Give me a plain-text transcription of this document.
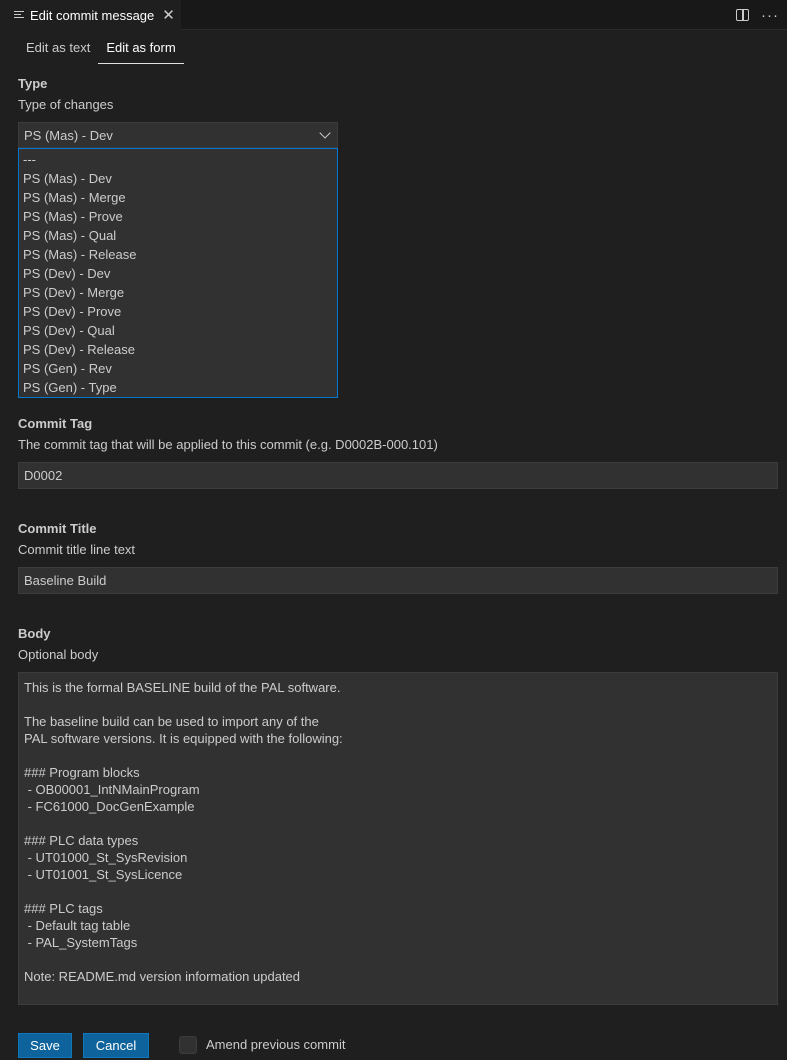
Edit commit message ✕	···
Edit as text	Edit as form
Type
Type of changes
PS (Mas) - Dev
---
PS (Mas) - Dev
PS (Mas) - Merge
PS (Mas) - Prove
PS (Mas) - Qual
PS (Mas) - Release
PS (Dev) - Dev
PS (Dev) - Merge
PS (Dev) - Prove
PS (Dev) - Qual
PS (Dev) - Release
PS (Gen) - Rev
PS (Gen) - Type
Commit Tag
The commit tag that will be applied to this commit (e.g. D0002B-000.101)
D0002
Commit Title
Commit title line text
Baseline Build
Body
Optional body
This is the formal BASELINE build of the PAL software.

The baseline build can be used to import any of the
PAL software versions. It is equipped with the following:

### Program blocks
- OB00001_IntNMainProgram
- FC61000_DocGenExample

### PLC data types
- UT01000_St_SysRevision
- UT01001_St_SysLicence

### PLC tags
- Default tag table
- PAL_SystemTags

Note: README.md version information updated
Save	Cancel	Amend previous commit
